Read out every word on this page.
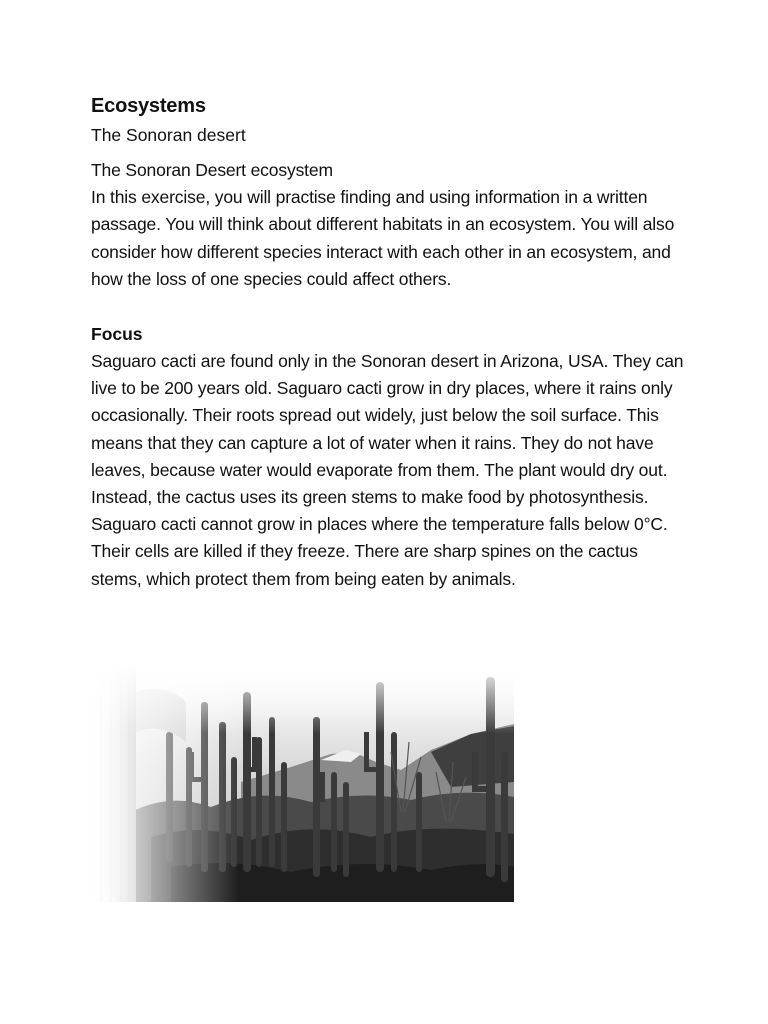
Ecosystems
The Sonoran desert
The Sonoran Desert ecosystem

In this exercise, you will practise finding and using information in a written passage. You will think about different habitats in an ecosystem. You will also consider how different species interact with each other in an ecosystem, and how the loss of one species could affect others.

Focus

Saguaro cacti are found only in the Sonoran desert in Arizona, USA. They can live to be 200 years old. Saguaro cacti grow in dry places, where it rains only occasionally. Their roots spread out widely, just below the soil surface. This means that they can capture a lot of water when it rains. They do not have leaves, because water would evaporate from them. The plant would dry out. Instead, the cactus uses its green stems to make food by photosynthesis. Saguaro cacti cannot grow in places where the temperature falls below 0°C. Their cells are killed if they freeze. There are sharp spines on the cactus stems, which protect them from being eaten by animals.
